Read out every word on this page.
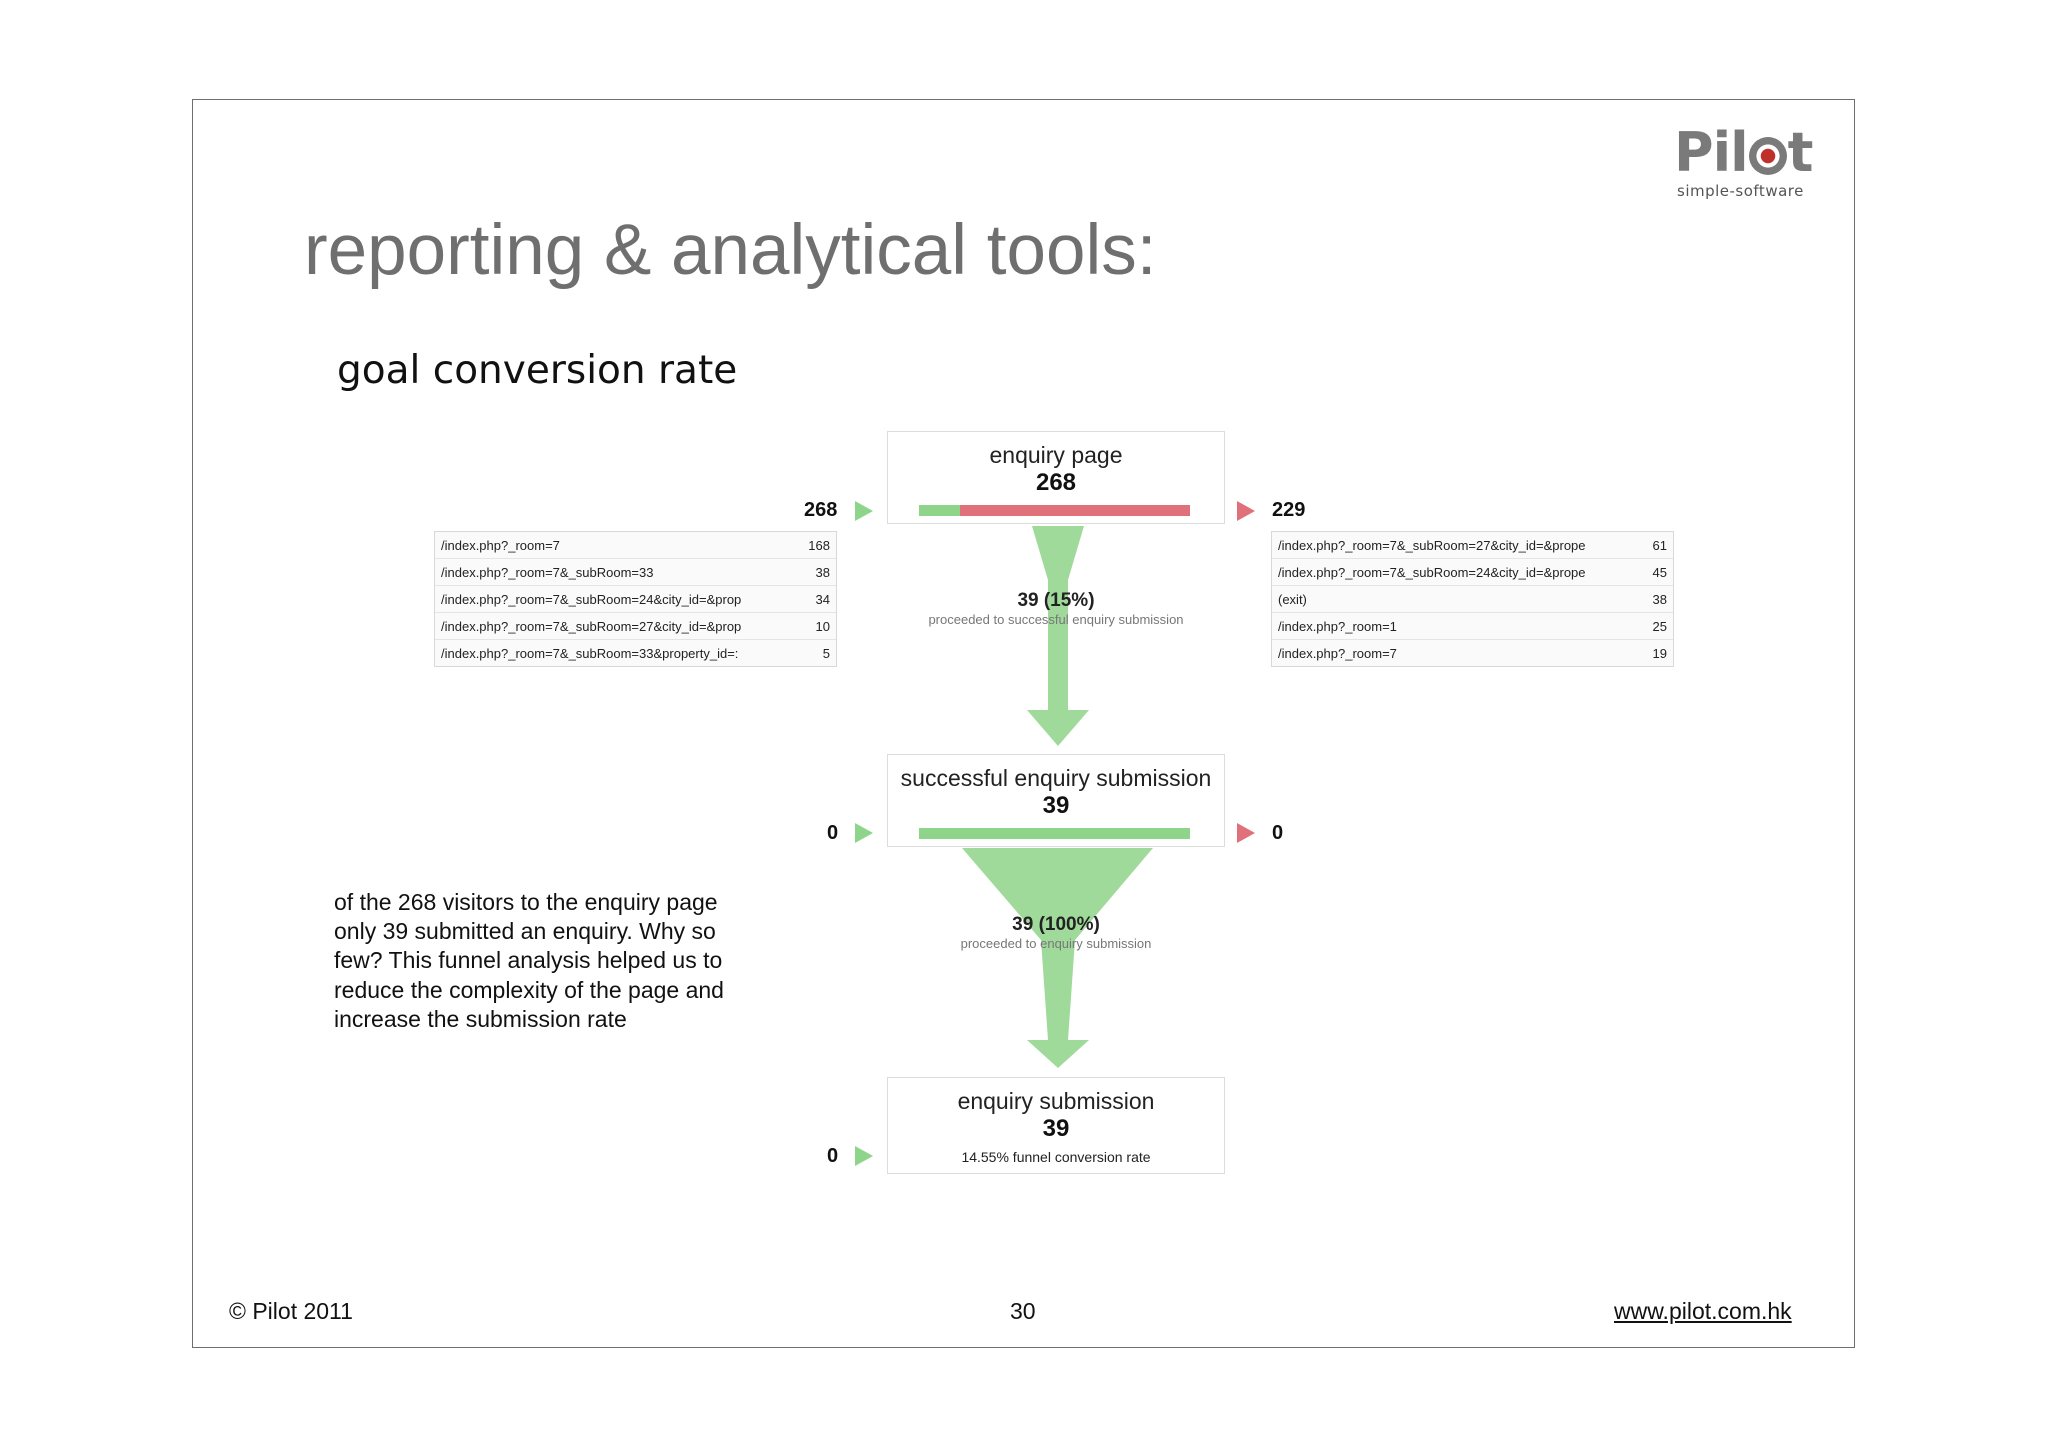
Pil t
simple-software
reporting & analytical tools:
goal conversion rate
of the 268 visitors to the enquiry page only 39 submitted an enquiry. Why so few? This funnel analysis helped us to reduce the complexity of the page and increase the submission rate
enquiry page
268
268	229
/index.php?_room=7	168
/index.php?_room=7&_subRoom=33	38
/index.php?_room=7&_subRoom=24&city_id=&prop	34
/index.php?_room=7&_subRoom=27&city_id=&prop	10
/index.php?_room=7&_subRoom=33&property_id=:	5
/index.php?_room=7&_subRoom=27&city_id=&prope	61
/index.php?_room=7&_subRoom=24&city_id=&prope	45
(exit)	38
/index.php?_room=1	25
/index.php?_room=7	19
39 (15%)
proceeded to successful enquiry submission
successful enquiry submission
39
0	0
39 (100%)
proceeded to enquiry submission
enquiry submission
39
14.55% funnel conversion rate
0
© Pilot 2011	30	www.pilot.com.hk
